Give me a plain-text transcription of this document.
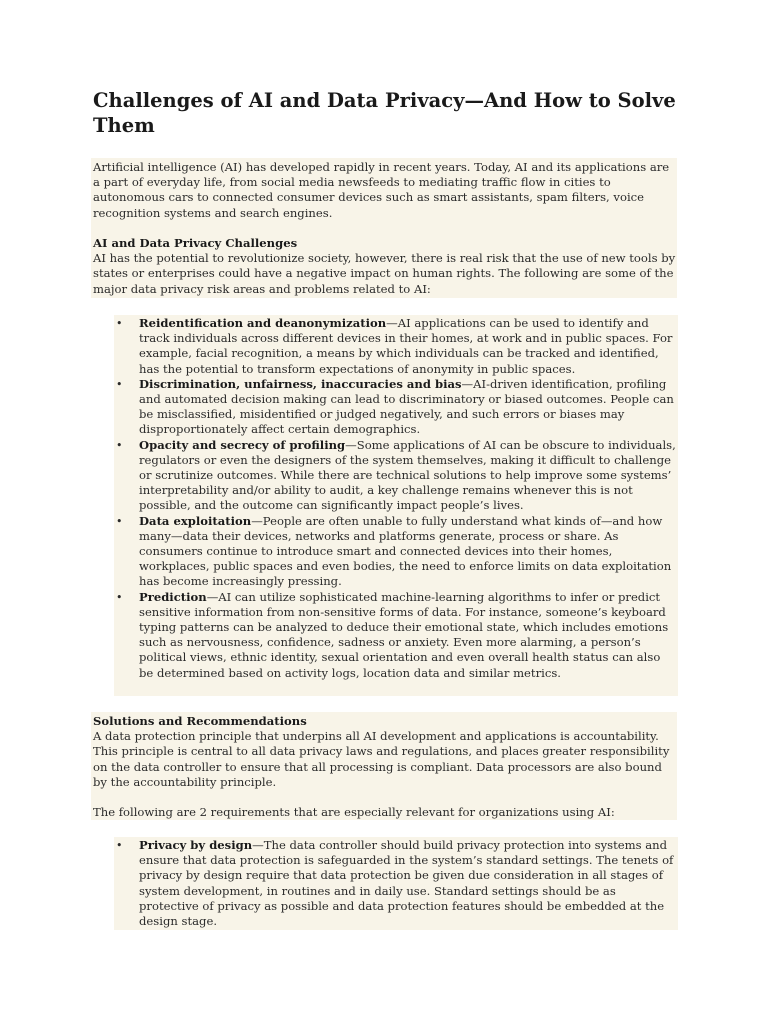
Challenges of AI and Data Privacy—And How to Solve Them

Artificial intelligence (AI) has developed rapidly in recent years. Today, AI and its applications are a part of everyday life, from social media newsfeeds to mediating traffic flow in cities to autonomous cars to connected consumer devices such as smart assistants, spam filters, voice recognition systems and search engines.

AI and Data Privacy Challenges

AI has the potential to revolutionize society, however, there is real risk that the use of new tools by states or enterprises could have a negative impact on human rights. The following are some of the major data privacy risk areas and problems related to AI:

• Reidentification and deanonymization—AI applications can be used to identify and track individuals across different devices in their homes, at work and in public spaces. For example, facial recognition, a means by which individuals can be tracked and identified, has the potential to transform expectations of anonymity in public spaces.
• Discrimination, unfairness, inaccuracies and bias—AI-driven identification, profiling and automated decision making can lead to discriminatory or biased outcomes. People can be misclassified, misidentified or judged negatively, and such errors or biases may disproportionately affect certain demographics.
• Opacity and secrecy of profiling—Some applications of AI can be obscure to individuals, regulators or even the designers of the system themselves, making it difficult to challenge or scrutinize outcomes. While there are technical solutions to help improve some systems’ interpretability and/or ability to audit, a key challenge remains whenever this is not possible, and the outcome can significantly impact people’s lives.
• Data exploitation—People are often unable to fully understand what kinds of—and how many—data their devices, networks and platforms generate, process or share. As consumers continue to introduce smart and connected devices into their homes, workplaces, public spaces and even bodies, the need to enforce limits on data exploitation has become increasingly pressing.
• Prediction—AI can utilize sophisticated machine-learning algorithms to infer or predict sensitive information from non-sensitive forms of data. For instance, someone’s keyboard typing patterns can be analyzed to deduce their emotional state, which includes emotions such as nervousness, confidence, sadness or anxiety. Even more alarming, a person’s political views, ethnic identity, sexual orientation and even overall health status can also be determined based on activity logs, location data and similar metrics.

Solutions and Recommendations

A data protection principle that underpins all AI development and applications is accountability. This principle is central to all data privacy laws and regulations, and places greater responsibility on the data controller to ensure that all processing is compliant. Data processors are also bound by the accountability principle.

The following are 2 requirements that are especially relevant for organizations using AI:

• Privacy by design—The data controller should build privacy protection into systems and ensure that data protection is safeguarded in the system’s standard settings. The tenets of privacy by design require that data protection be given due consideration in all stages of system development, in routines and in daily use. Standard settings should be as protective of privacy as possible and data protection features should be embedded at the design stage.
